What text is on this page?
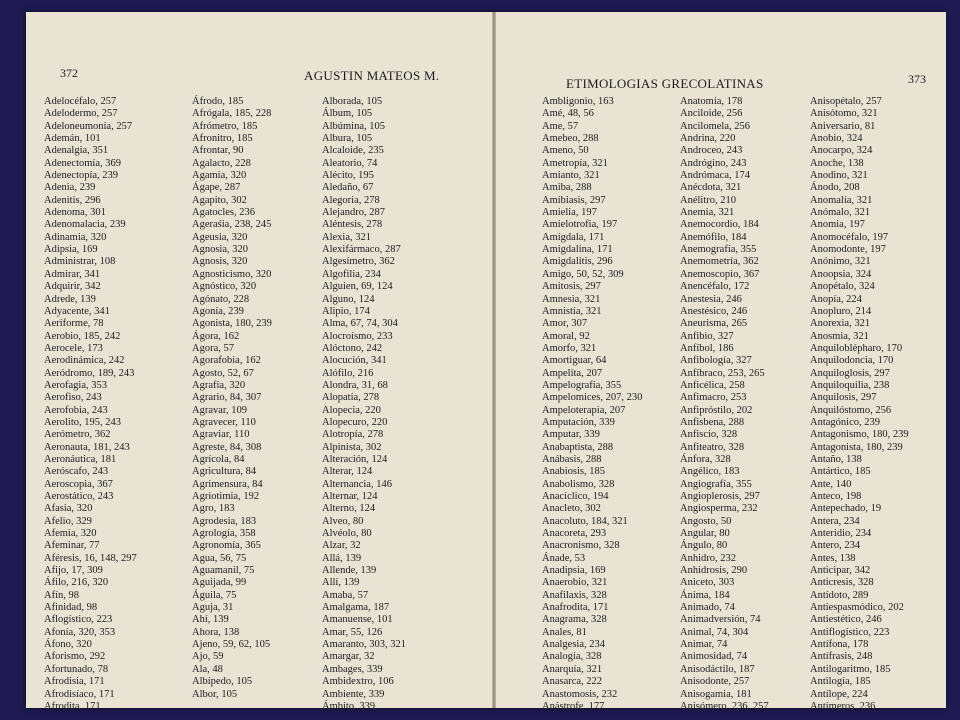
372	AGUSTIN MATEOS M.
Adelocéfalo, 257
Adelodermo, 257
Adeloneumonía, 257
Ademán, 101
Adenalgia, 351
Adenectomía, 369
Adenectopía, 239
Adenia, 239
Adenitis, 296
Adenoma, 301
Adenomalacia, 239
Adinamia, 320
Adipsia, 169
Administrar, 108
Admirar, 341
Adquirir, 342
Adrede, 139
Adyacente, 341
Aeriforme, 78
Aerobio, 185, 242
Aerocele, 173
Aerodinámica, 242
Aeródromo, 189, 243
Aerofagia, 353
Aerofiso, 243
Aerofobia, 243
Aerolito, 195, 243
Aerómetro, 362
Aeronauta, 181, 243
Aeronáutica, 181
Aeróscafo, 243
Aeroscopia, 367
Aerostático, 243
Afasia, 320
Afelio, 329
Afemia, 320
Afeminar, 77
Aféresis, 16, 148, 297
Afijo, 17, 309
Áfilo, 216, 320
Afín, 98
Afinidad, 98
Aflogístico, 223
Afonía, 320, 353
Áfono, 320
Aforismo, 292
Afortunado, 78
Afrodisia, 171
Afrodisíaco, 171
Afrodita, 171
Áfrodo, 185
Afrógala, 185, 228
Afrómetro, 185
Afronitro, 185
Afrontar, 90
Agalacto, 228
Agamia, 320
Ágape, 287
Agapito, 302
Agatocles, 236
Ageraśia, 238, 245
Ageusia, 320
Agnosia, 320
Agnosis, 320
Agnosticismo, 320
Agnóstico, 320
Agónato, 228
Agonía, 239
Agonista, 180, 239
Ágora, 162
Agora, 57
Agorafobia, 162
Agosto, 52, 67
Agrafía, 320
Agrario, 84, 307
Agravar, 109
Agravecer, 110
Agraviar, 110
Agreste, 84, 308
Agrícola, 84
Agricultura, 84
Agrimensura, 84
Agriotimia, 192
Agro, 183
Agrodesia, 183
Agrología, 358
Agronomía, 365
Agua, 56, 75
Aguamanil, 75
Aguijada, 99
Águila, 75
Aguja, 31
Ahí, 139
Ahora, 138
Ajeno, 59, 62, 105
Ajo, 59
Ala, 48
Albípedo, 105
Albor, 105
Alborada, 105
Álbum, 105
Albúmina, 105
Albura, 105
Alcaloide, 235
Aleatorio, 74
Alécito, 195
Aledaño, 67
Alegoría, 278
Alejandro, 287
Aléntesis, 278
Alexia, 321
Alexifármaco, 287
Algesímetro, 362
Algofilia, 234
Alguien, 69, 124
Alguno, 124
Alipio, 174
Alma, 67, 74, 304
Alocroísmo, 233
Alóctono, 242
Alocución, 341
Alófilo, 216
Alondra, 31, 68
Alopatía, 278
Alopecia, 220
Alopecuro, 220
Alotropía, 278
Alpinista, 302
Alteración, 124
Alterar, 124
Alternancia, 146
Alternar, 124
Alterno, 124
Alveo, 80
Alvéolo, 80
Alzar, 32
Allá, 139
Allende, 139
Allí, 139
Amaba, 57
Amalgama, 187
Amanuense, 101
Amar, 55, 126
Amaranto, 303, 321
Amargar, 32
Ambages, 339
Ambidextro, 106
Ambiente, 339
Ámbito, 339
ETIMOLOGIAS GRECOLATINAS	373
Ambligonio, 163
Amé, 48, 56
Ame, 57
Amebeo, 288
Ameno, 50
Ametropía, 321
Amianto, 321
Amiba, 288
Amibiasis, 297
Amielia, 197
Amielotrofia, 197
Amígdala, 171
Amigdalina, 171
Amigdalitis, 296
Amigo, 50, 52, 309
Amitosis, 297
Amnesia, 321
Amnistía, 321
Amor, 307
Amoral, 92
Amorfo, 321
Amortiguar, 64
Ampelita, 207
Ampelografía, 355
Ampelomices, 207, 230
Ampeloterapia, 207
Amputación, 339
Amputar, 339
Anabaptista, 288
Anábasis, 288
Anabiosis, 185
Anabolismo, 328
Anacíclico, 194
Anacleto, 302
Anacoluto, 184, 321
Anacoreta, 293
Anacronismo, 328
Ánade, 53
Anadipsia, 169
Anaerobio, 321
Anafilaxis, 328
Anafrodita, 171
Anagrama, 328
Anales, 81
Analgesia, 234
Analogía, 328
Anarquía, 321
Anasarca, 222
Anastomosis, 232
Anástrofe, 177
Anatomía, 178
Anciloide, 256
Ancilomela, 256
Andrina, 220
Androceo, 243
Andrógino, 243
Andrómaca, 174
Anécdota, 321
Anélitro, 210
Anemia, 321
Anemocordio, 184
Anemófilo, 184
Anemografía, 355
Anemometría, 362
Anemoscopio, 367
Anencéfalo, 172
Anestesia, 246
Anestésico, 246
Aneurisma, 265
Anfibio, 327
Anfíbol, 186
Anfibología, 327
Anfíbraco, 253, 265
Anficélica, 258
Anfimacro, 253
Anfipróstilo, 202
Anfisbena, 288
Anfiscio, 328
Anfiteatro, 328
Ánfora, 328
Angélico, 183
Angiografía, 355
Angioplerosis, 297
Angiosperma, 232
Angosto, 50
Angular, 80
Ángulo, 80
Anhidro, 232
Anhidrosis, 290
Aniceto, 303
Ánima, 184
Animado, 74
Animadversión, 74
Animal, 74, 304
Animar, 74
Animosidad, 74
Anisodáctilo, 187
Anisodonte, 257
Anisogamia, 181
Anisómero, 236, 257
Anisopétalo, 257
Anisótomo, 321
Aniversario, 81
Anobio, 324
Anocarpo, 324
Anoche, 138
Anodino, 321
Ánodo, 208
Anomalía, 321
Anómalo, 321
Anomia, 197
Anomocéfalo, 197
Anomodonte, 197
Anónimo, 321
Anoopsia, 324
Anopétalo, 324
Anopía, 224
Anopluro, 214
Anorexia, 321
Anosmia, 321
Anquiloblépharo, 170
Anquilodoncia, 170
Anquiloglosis, 297
Anquiloquilia, 238
Anquilosis, 297
Anquilóstomo, 256
Antagónico, 239
Antagonismo, 180, 239
Antagonista, 180, 239
Antaño, 138
Antártico, 185
Ante, 140
Anteco, 198
Antepechado, 19
Antera, 234
Anteridio, 234
Antero, 234
Antes, 138
Anticipar, 342
Anticresis, 328
Antídoto, 289
Antiespasmódico, 202
Antiestético, 246
Antiflogístico, 223
Antífona, 178
Antífrasis, 248
Antilogaritmo, 185
Antilogía, 185
Antílope, 224
Antímeros, 236
